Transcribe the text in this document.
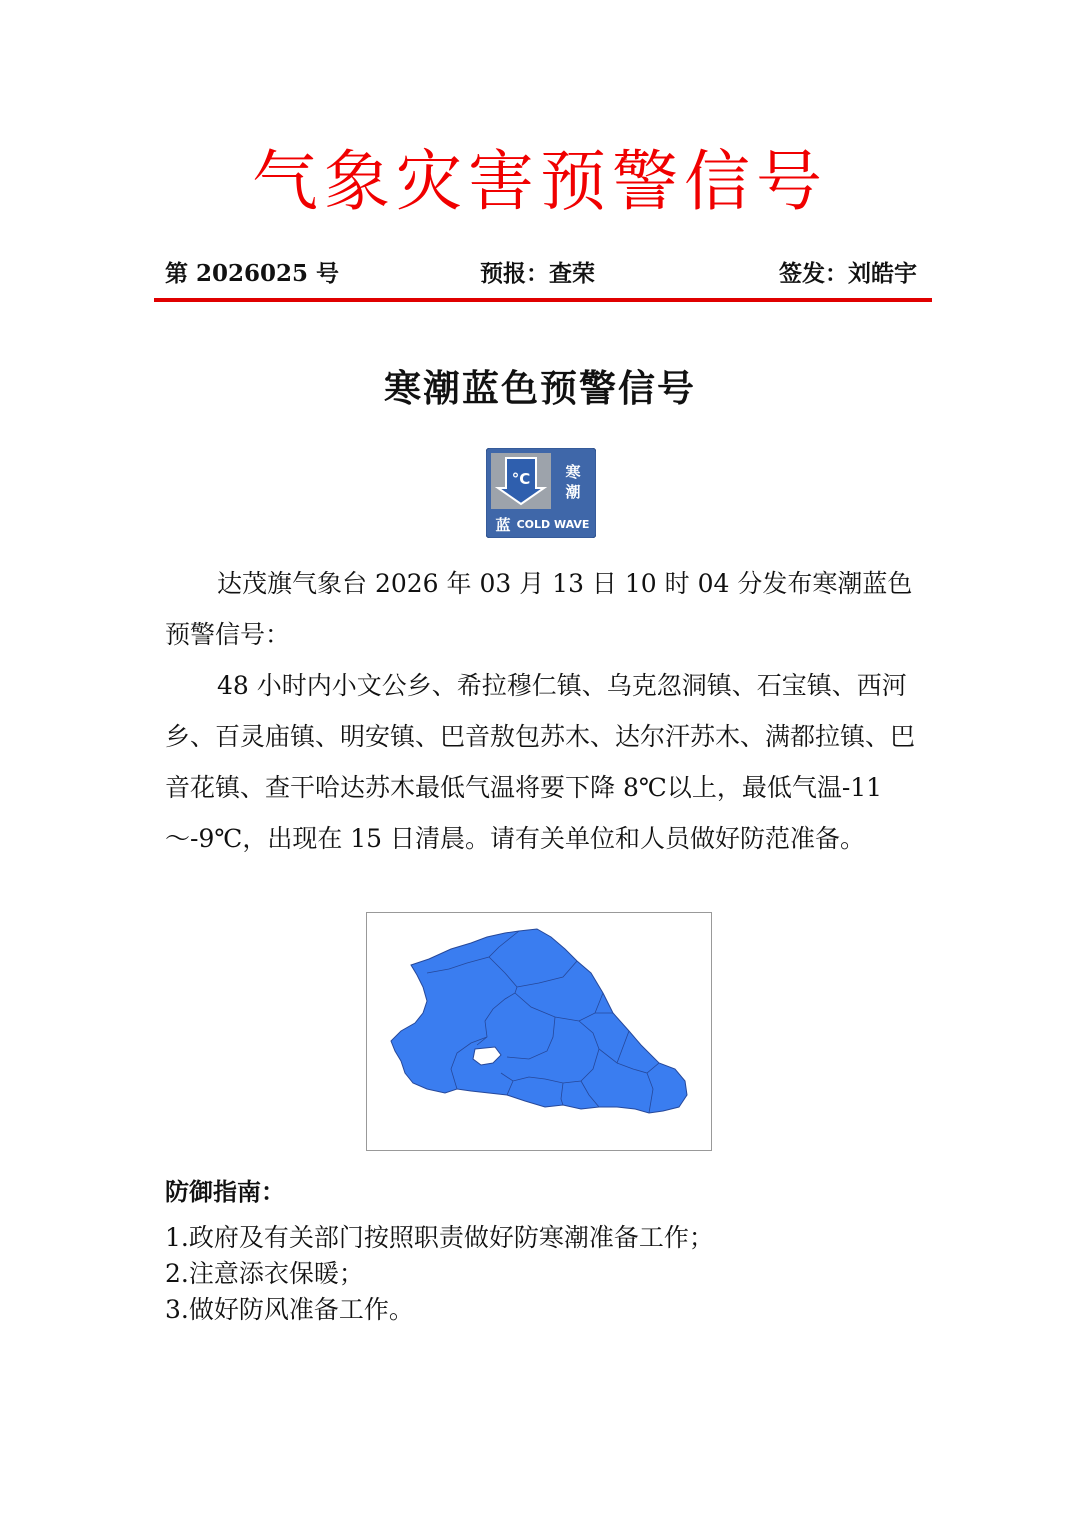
气象灾害预警信号
第 2026025 号	预报：查荣	签发：刘皓宇
寒潮蓝色预警信号
°C 寒
潮
蓝 COLD WAVE

达茂旗气象台 2026 年 03 月 13 日 10 时 04 分发布寒潮蓝色预警信号：

48 小时内小文公乡、希拉穆仁镇、乌克忽洞镇、石宝镇、西河乡、百灵庙镇、明安镇、巴音敖包苏木、达尔汗苏木、满都拉镇、巴音花镇、查干哈达苏木最低气温将要下降 8℃以上，最低气温-11～-9℃，出现在 15 日清晨。请有关单位和人员做好防范准备。

防御指南：
1.政府及有关部门按照职责做好防寒潮准备工作；
2.注意添衣保暖；
3.做好防风准备工作。
